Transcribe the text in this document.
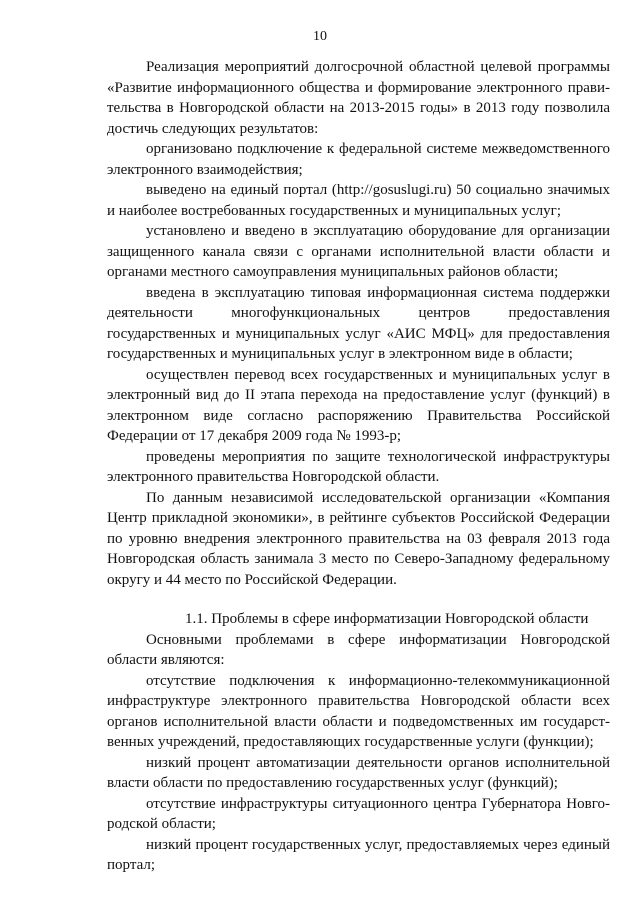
10

Реализация мероприятий долгосрочной областной целевой программы «Развитие информационного общества и формирование электронного правительства в Новгородской области на 2013-2015 годы» в 2013 году позволила достичь следующих результатов:

организовано подключение к федеральной системе межведомственного электронного взаимодействия;

выведено на единый портал (http://gosuslugi.ru) 50 социально значимых и наиболее востребованных государственных и муниципальных услуг;

установлено и введено в эксплуатацию оборудование для организации защищенного канала связи с органами исполнительной власти области и органами местного самоуправления муниципальных районов области;

введена в эксплуатацию типовая информационная система поддержки деятельности многофункциональных центров предоставления государственных и муниципальных услуг «АИС МФЦ» для предоставления государственных и муниципальных услуг в электронном виде в области;

осуществлен перевод всех государственных и муниципальных услуг в электронный вид до II этапа перехода на предоставление услуг (функций) в электронном виде согласно распоряжению Правительства Российской Федерации от 17 декабря 2009 года № 1993-р;

проведены мероприятия по защите технологической инфраструктуры электронного правительства Новгородской области.

По данным независимой исследовательской организации «Компания Центр прикладной экономики», в рейтинге субъектов Российской Федерации по уровню внедрения электронного правительства на 03 февраля 2013 года Новгородская область занимала 3 место по Северо-Западному федеральному округу и 44 место по Российской Федерации.

1.1. Проблемы в сфере информатизации Новгородской области

Основными проблемами в сфере информатизации Новгородской области являются:

отсутствие подключения к информационно-телекоммуникационной инфраструктуре электронного правительства Новгородской области всех органов исполнительной власти области и подведомственных им государственных учреждений, предоставляющих государственные услуги (функции);

низкий процент автоматизации деятельности органов исполнительной власти области по предоставлению государственных услуг (функций);

отсутствие инфраструктуры ситуационного центра Губернатора Новгородской области;

низкий процент государственных услуг, предоставляемых через единый портал;
